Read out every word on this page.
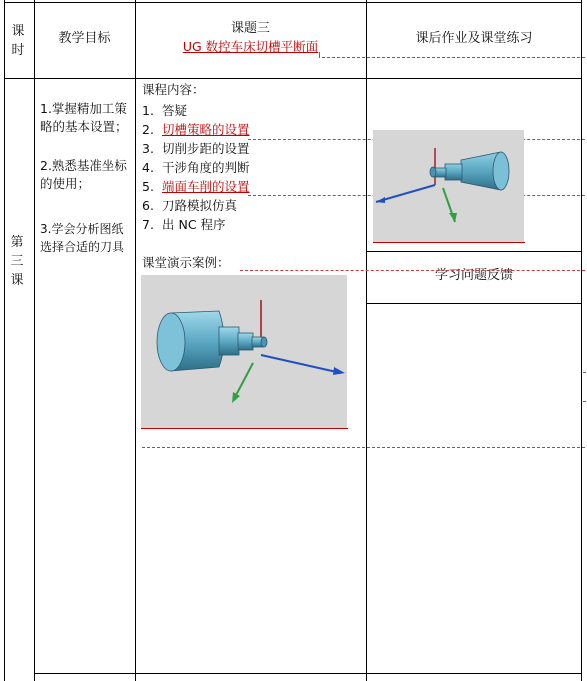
课时
教学目标
课题三
UG 数控车床切槽平断面
课后作业及课堂练习
第三课
1.掌握精加工策略的基本设置；
2.熟悉基准坐标的使用；
3.学会分析图纸选择合适的刀具
课程内容：
1. 答疑
2. 切槽策略的设置
3. 切削步距的设置
4. 干涉角度的判断
5. 端面车削的设置
6. 刀路模拟仿真
7. 出 NC 程序
课堂演示案例：
学习问题反馈
